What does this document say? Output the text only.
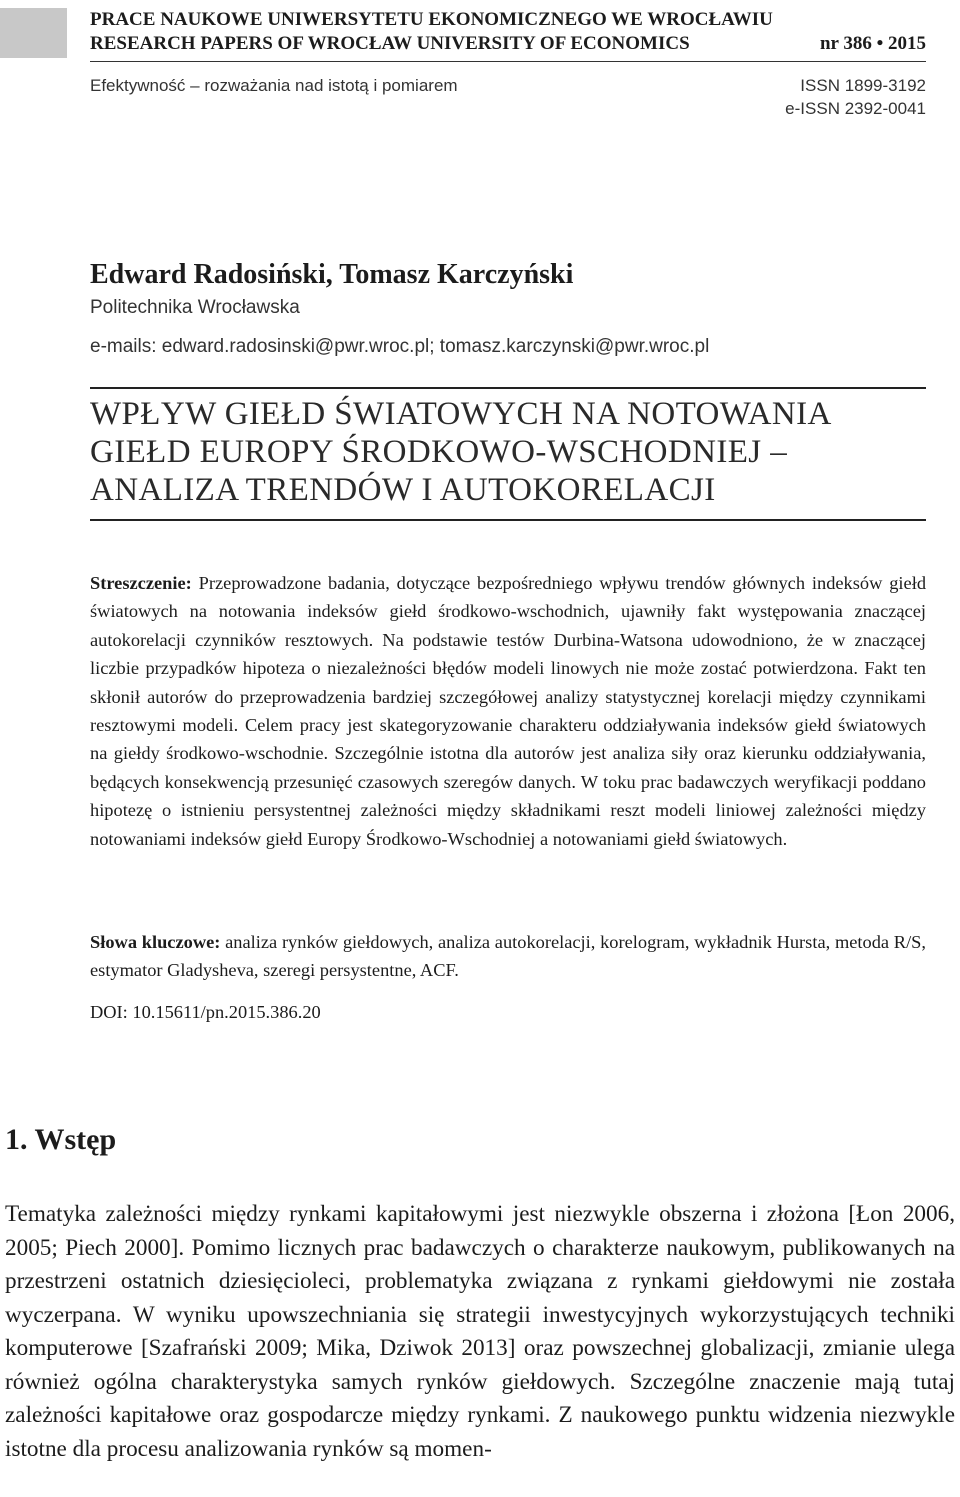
PRACE NAUKOWE UNIWERSYTETU EKONOMICZNEGO WE WROCŁAWIU
RESEARCH PAPERS OF WROCŁAW UNIVERSITY OF ECONOMICS	nr 386 • 2015
Efektywność – rozważania nad istotą i pomiarem	ISSN 1899-3192
e-ISSN 2392-0041
Edward Radosiński, Tomasz Karczyński
Politechnika Wrocławska
e-mails: edward.radosinski@pwr.wroc.pl; tomasz.karczynski@pwr.wroc.pl
WPŁYW GIEŁD ŚWIATOWYCH NA NOTOWANIA
GIEŁD EUROPY ŚRODKOWO-WSCHODNIEJ –
ANALIZA TRENDÓW I AUTOKORELACJI
Streszczenie: Przeprowadzone badania, dotyczące bezpośredniego wpływu trendów głównych indeksów giełd światowych na notowania indeksów giełd środkowo-wschodnich, ujawniły fakt występowania znaczącej autokorelacji czynników resztowych. Na podstawie testów Durbina-Watsona udowodniono, że w znaczącej liczbie przypadków hipoteza o niezależności błędów modeli linowych nie może zostać potwierdzona. Fakt ten skłonił autorów do przeprowadzenia bardziej szczegółowej analizy statystycznej korelacji między czynnikami resztowymi modeli. Celem pracy jest skategoryzowanie charakteru oddziaływania indeksów giełd światowych na giełdy środkowo-wschodnie. Szczególnie istotna dla autorów jest analiza siły oraz kierunku oddziaływania, będących konsekwencją przesunięć czasowych szeregów danych. W toku prac badawczych weryfikacji poddano hipotezę o istnieniu persystentnej zależności między składnikami reszt modeli liniowej zależności między notowaniami indeksów giełd Europy Środkowo-Wschodniej a notowaniami giełd światowych.
Słowa kluczowe: analiza rynków giełdowych, analiza autokorelacji, korelogram, wykładnik Hursta, metoda R/S, estymator Gladysheva, szeregi persystentne, ACF.
DOI: 10.15611/pn.2015.386.20
1. Wstęp
Tematyka zależności między rynkami kapitałowymi jest niezwykle obszerna i złożona [Łon 2006, 2005; Piech 2000]. Pomimo licznych prac badawczych o charakterze naukowym, publikowanych na przestrzeni ostatnich dziesięcioleci, problematyka związana z rynkami giełdowymi nie została wyczerpana. W wyniku upowszechniania się strategii inwestycyjnych wykorzystujących techniki komputerowe [Szafrański 2009; Mika, Dziwok 2013] oraz powszechnej globalizacji, zmianie ulega również ogólna charakterystyka samych rynków giełdowych. Szczególne znaczenie mają tutaj zależności kapitałowe oraz gospodarcze między rynkami. Z naukowego punktu widzenia niezwykle istotne dla procesu analizowania rynków są momen-
